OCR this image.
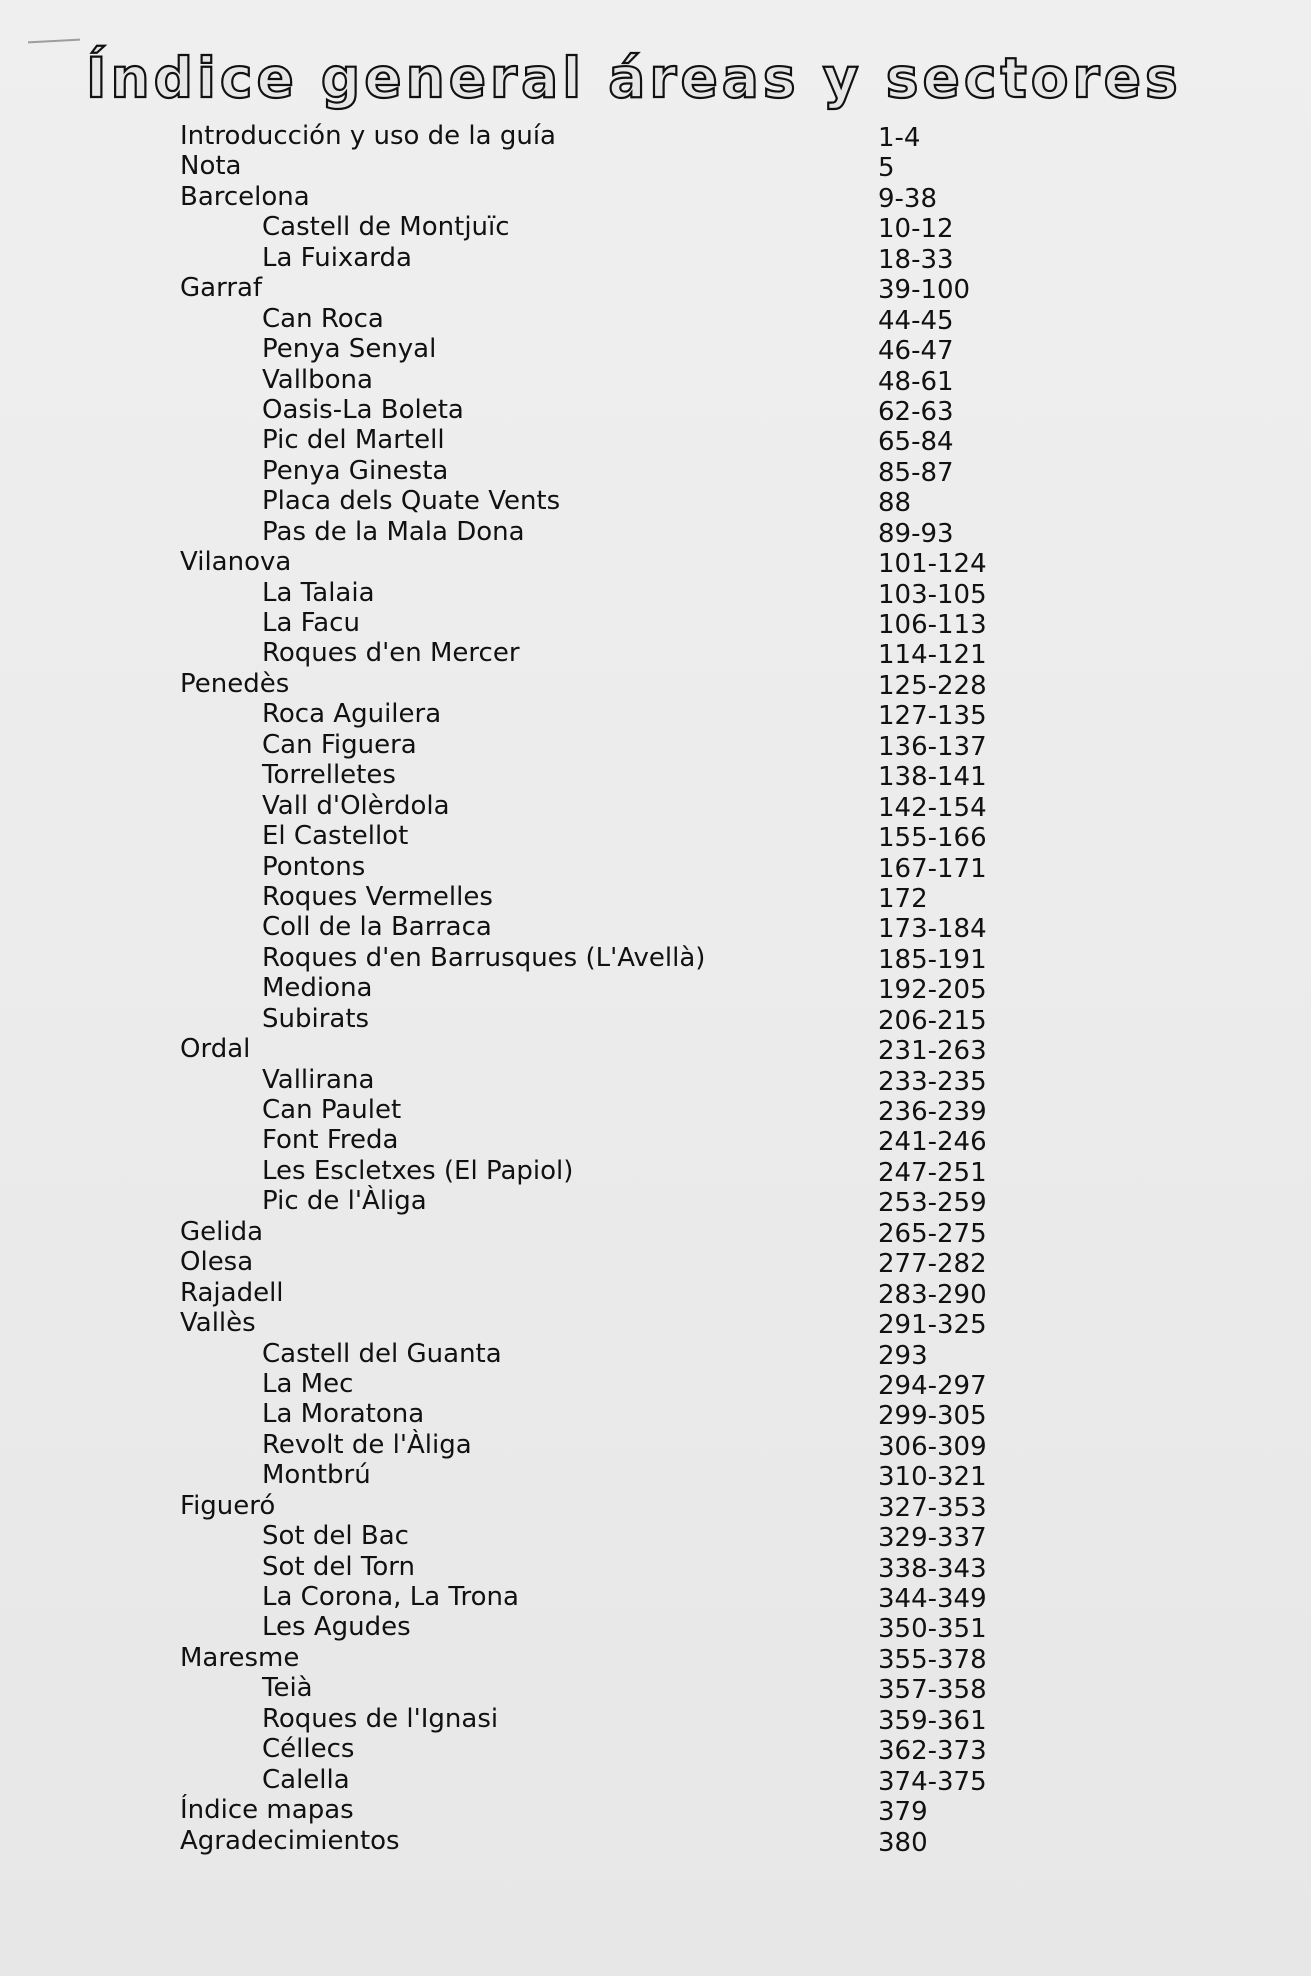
Índice general áreas y sectores
Introducción y uso de la guía	1-4
Nota	5
Barcelona	9-38
Castell de Montjuïc	10-12
La Fuixarda	18-33
Garraf	39-100
Can Roca	44-45
Penya Senyal	46-47
Vallbona	48-61
Oasis-La Boleta	62-63
Pic del Martell	65-84
Penya Ginesta	85-87
Placa dels Quate Vents	88
Pas de la Mala Dona	89-93
Vilanova	101-124
La Talaia	103-105
La Facu	106-113
Roques d'en Mercer	114-121
Penedès	125-228
Roca Aguilera	127-135
Can Figuera	136-137
Torrelletes	138-141
Vall d'Olèrdola	142-154
El Castellot	155-166
Pontons	167-171
Roques Vermelles	172
Coll de la Barraca	173-184
Roques d'en Barrusques (L'Avellà)	185-191
Mediona	192-205
Subirats	206-215
Ordal	231-263
Vallirana	233-235
Can Paulet	236-239
Font Freda	241-246
Les Escletxes (El Papiol)	247-251
Pic de l'Àliga	253-259
Gelida	265-275
Olesa	277-282
Rajadell	283-290
Vallès	291-325
Castell del Guanta	293
La Mec	294-297
La Moratona	299-305
Revolt de l'Àliga	306-309
Montbrú	310-321
Figueró	327-353
Sot del Bac	329-337
Sot del Torn	338-343
La Corona, La Trona	344-349
Les Agudes	350-351
Maresme	355-378
Teià	357-358
Roques de l'Ignasi	359-361
Céllecs	362-373
Calella	374-375
Índice mapas	379
Agradecimientos	380
